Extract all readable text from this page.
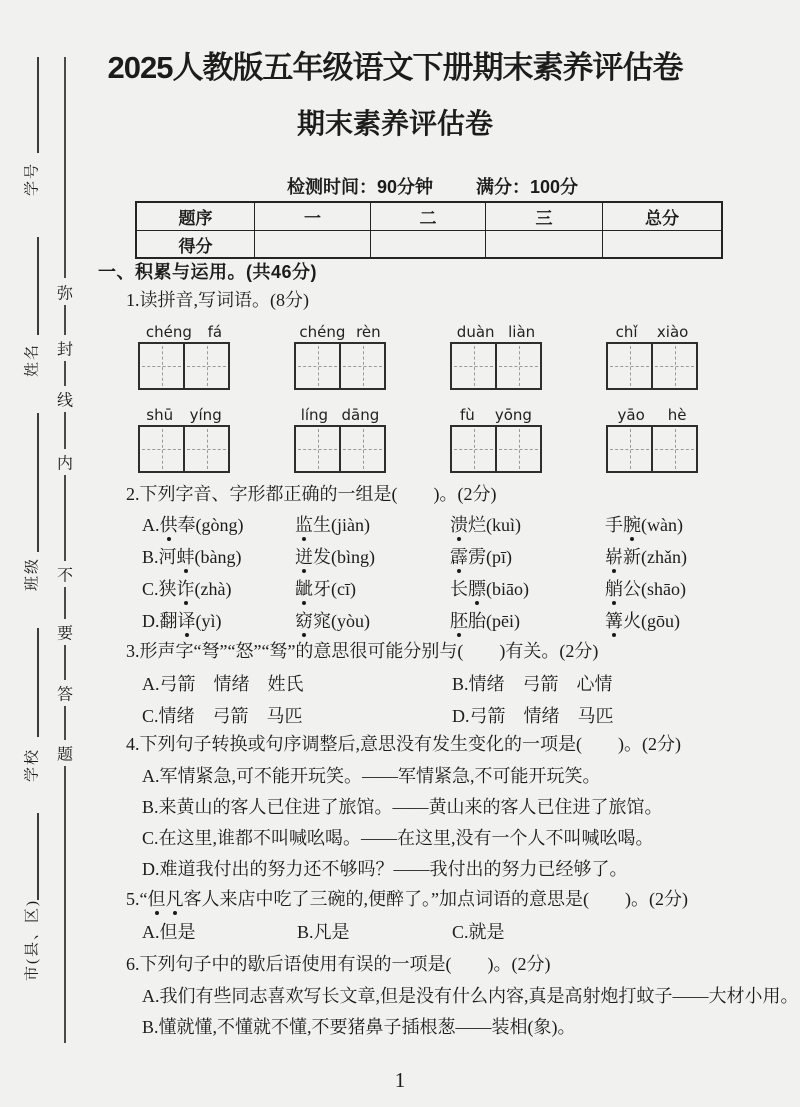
学号
姓名
班级
学校
市(县、区)
弥
封
线
内
不
要
答
题
2025人教版五年级语文下册期末素养评估卷
期末素养评估卷
检测时间：90分钟 满分：100分
题序	一	二	三	总分
得分
一、积累与运用。(共46分)
1.读拼音,写词语。(8分)
chéng fá	chéng rèn	duàn liàn	chǐ xiào
shū yíng	líng dāng	fù yōng	yāo hè
2.下列字音、字形都正确的一组是(　　)。(2分)
A.供奉(gòng)	监生(jiàn)	溃烂(kuì)	手腕(wàn)
B.河蚌(bàng)	迸发(bìng)	霹雳(pī)	崭新(zhǎn)
C.狭诈(zhà)	龇牙(cī)	长膘(biāo)	艄公(shāo)
D.翻译(yì)	窈窕(yòu)	胚胎(pēi)	篝火(gōu)
3.形声字“弩”“怒”“驽”的意思很可能分别与(　　)有关。(2分)
A.弓箭　情绪　姓氏	B.情绪　弓箭　心情
C.情绪　弓箭　马匹	D.弓箭　情绪　马匹
4.下列句子转换或句序调整后,意思没有发生变化的一项是(　　)。(2分)
A.军情紧急,可不能开玩笑。——军情紧急,不可能开玩笑。
B.来黄山的客人已住进了旅馆。——黄山来的客人已住进了旅馆。
C.在这里,谁都不叫喊吆喝。——在这里,没有一个人不叫喊吆喝。
D.难道我付出的努力还不够吗？——我付出的努力已经够了。
5.“但凡客人来店中吃了三碗的,便醉了。”加点词语的意思是(　　)。(2分)
A.但是	B.凡是	C.就是
6.下列句子中的歇后语使用有误的一项是(　　)。(2分)
A.我们有些同志喜欢写长文章,但是没有什么内容,真是高射炮打蚊子——大材小用。
B.懂就懂,不懂就不懂,不要猪鼻子插根葱——装相(象)。
1
